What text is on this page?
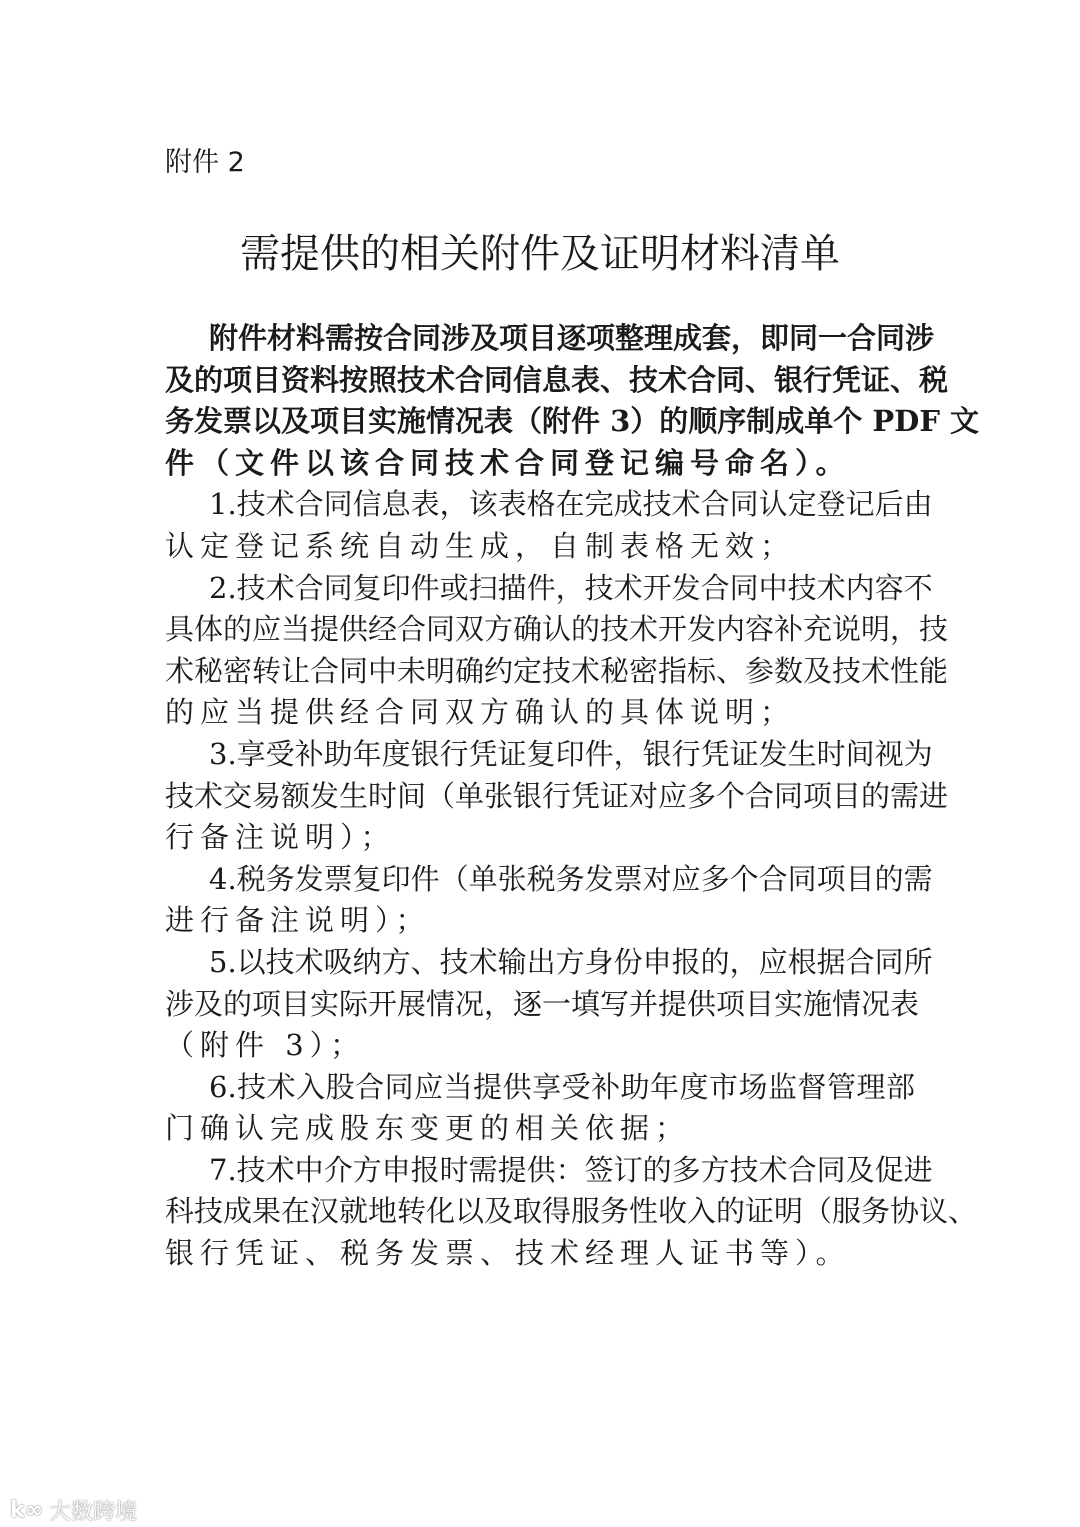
附件 2
需提供的相关附件及证明材料清单
附件材料需按合同涉及项目逐项整理成套，即同一合同涉
及的项目资料按照技术合同信息表、技术合同、银行凭证、税
务发票以及项目实施情况表（附件 3）的顺序制成单个 PDF 文
件（文件以该合同技术合同登记编号命名）。
1.技术合同信息表，该表格在完成技术合同认定登记后由
认定登记系统自动生成，自制表格无效；
2.技术合同复印件或扫描件，技术开发合同中技术内容不
具体的应当提供经合同双方确认的技术开发内容补充说明，技
术秘密转让合同中未明确约定技术秘密指标、参数及技术性能
的应当提供经合同双方确认的具体说明；
3.享受补助年度银行凭证复印件，银行凭证发生时间视为
技术交易额发生时间（单张银行凭证对应多个合同项目的需进
行备注说明）；
4.税务发票复印件（单张税务发票对应多个合同项目的需
进行备注说明）；
5.以技术吸纳方、技术输出方身份申报的，应根据合同所
涉及的项目实际开展情况，逐一填写并提供项目实施情况表
（附件 3）；
6.技术入股合同应当提供享受补助年度市场监督管理部
门确认完成股东变更的相关依据；
7.技术中介方申报时需提供：签订的多方技术合同及促进
科技成果在汉就地转化以及取得服务性收入的证明（服务协议、
银行凭证、税务发票、技术经理人证书等）。
k∞ 大数跨境
